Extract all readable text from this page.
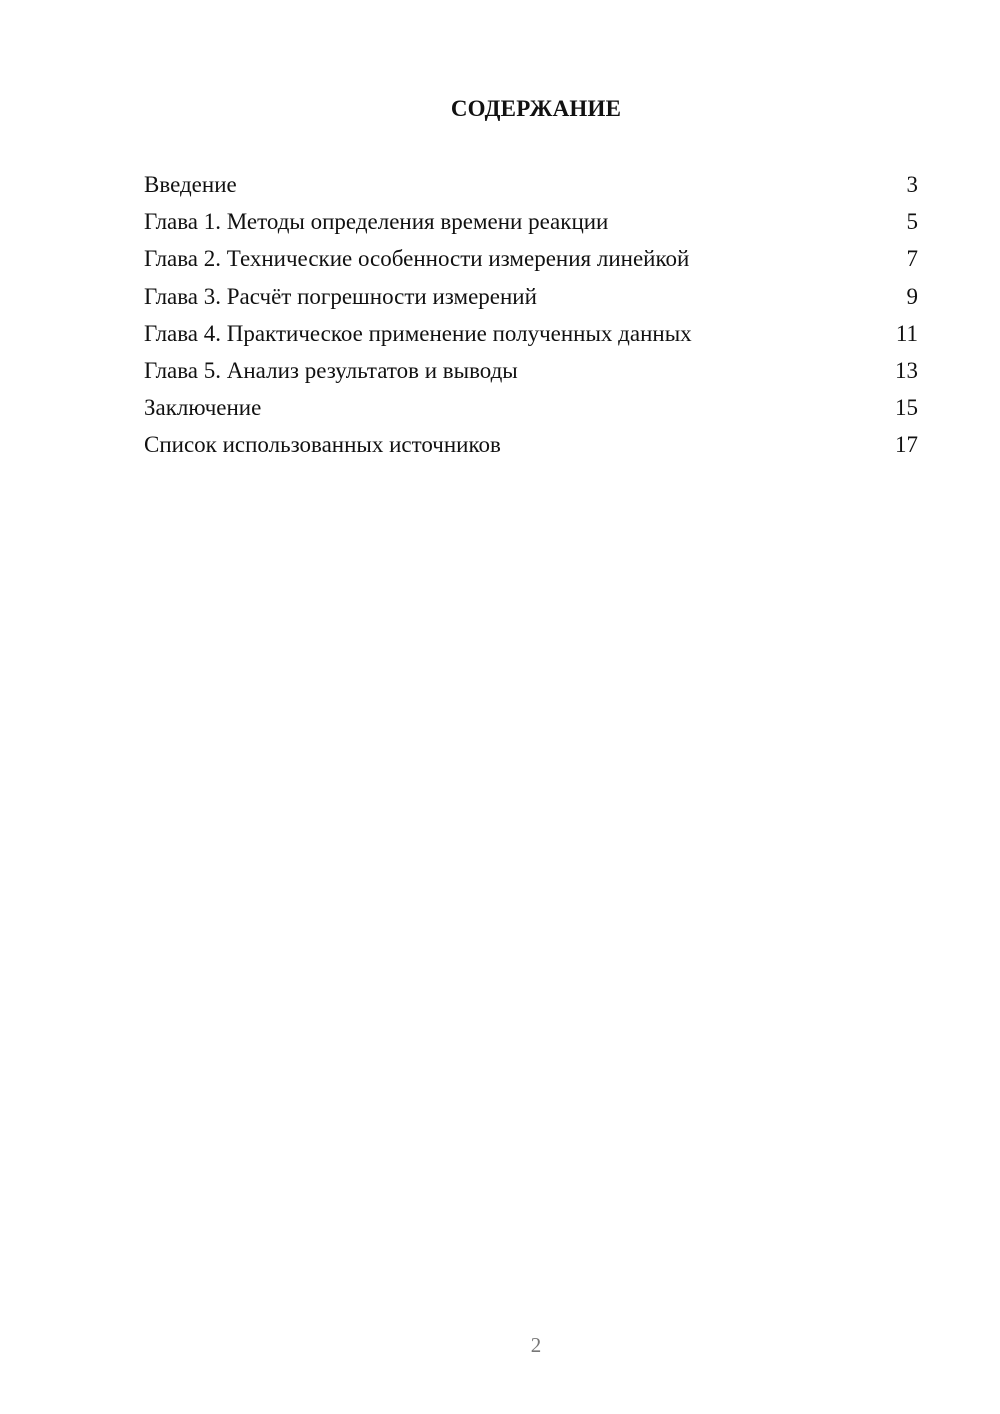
СОДЕРЖАНИЕ
Введение	3
Глава 1. Методы определения времени реакции	5
Глава 2. Технические особенности измерения линейкой	7
Глава 3. Расчёт погрешности измерений	9
Глава 4. Практическое применение полученных данных	11
Глава 5. Анализ результатов и выводы	13
Заключение	15
Список использованных источников	17
2
